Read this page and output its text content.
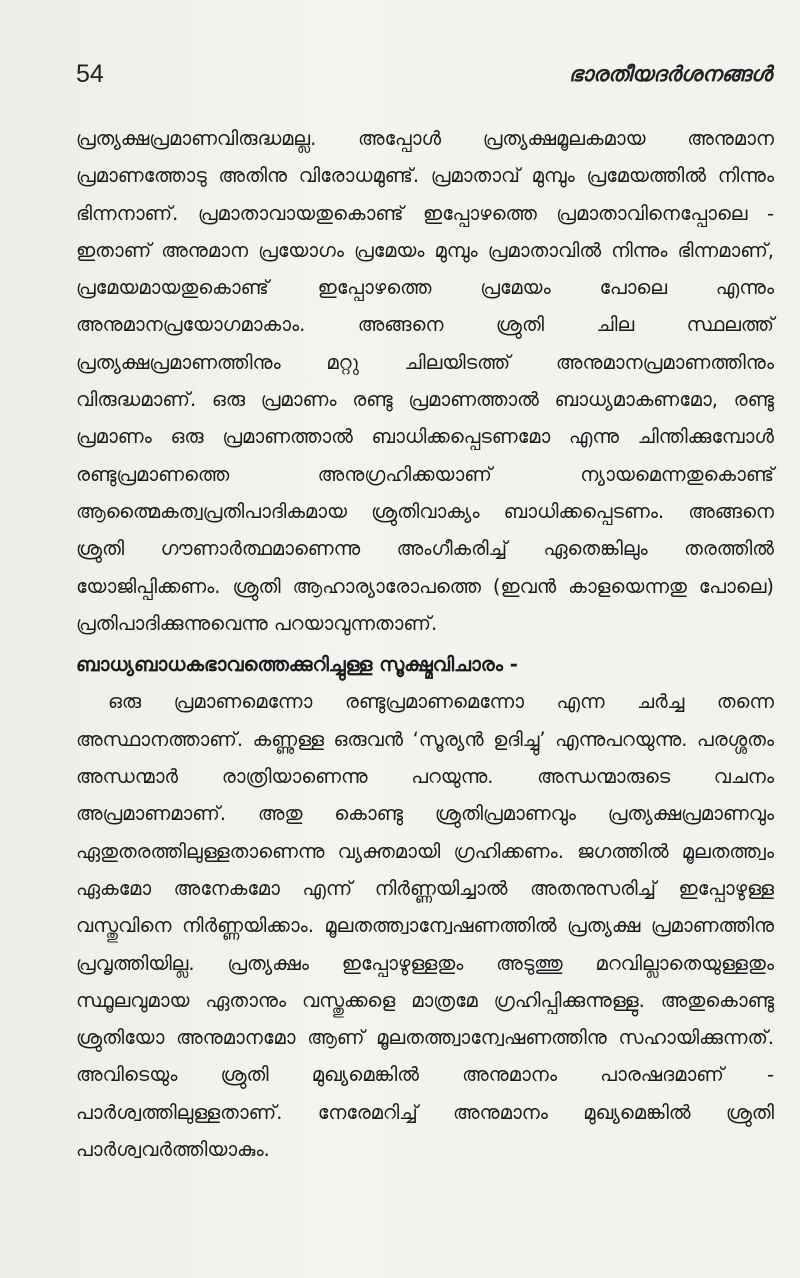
54	ഭാരതീയദർശനങ്ങൾ

പ്രത്യക്ഷപ്രമാണവിരുദ്ധമല്ല. അപ്പോൾ പ്രത്യക്ഷമൂലകമായ അനുമാന പ്രമാണത്തോടു അതിനു വിരോധമുണ്ട്. പ്രമാതാവ് മുമ്പും പ്രമേയത്തിൽ നിന്നും ഭിന്നനാണ്. പ്രമാതാവായതുകൊണ്ട് ഇപ്പോഴത്തെ പ്രമാതാവിനെപ്പോലെ - ഇതാണ് അനുമാന പ്രയോഗം പ്രമേയം മുമ്പും പ്രമാതാവിൽ നിന്നും ഭിന്നമാണ്, പ്രമേയമായതുകൊണ്ട് ഇപ്പോഴത്തെ പ്രമേയം പോലെ എന്നും അനുമാനപ്രയോഗമാകാം. അങ്ങനെ ശ്രുതി ചില സ്ഥലത്ത് പ്രത്യക്ഷപ്രമാണത്തിനും മറ്റു ചിലയിടത്ത് അനുമാനപ്രമാണത്തിനും വിരുദ്ധമാണ്. ഒരു പ്രമാണം രണ്ടു പ്രമാണത്താൽ ബാധ്യമാകണമോ, രണ്ടു പ്രമാണം ഒരു പ്രമാണത്താൽ ബാധിക്കപ്പെടണമോ എന്നു ചിന്തിക്കുമ്പോൾ രണ്ടുപ്രമാണത്തെ അനുഗ്രഹിക്കയാണ് ന്യായമെന്നതുകൊണ്ട് ആത്മൈകത്വപ്രതിപാദികമായ ശ്രുതിവാക്യം ബാധിക്കപ്പെടണം. അങ്ങനെ ശ്രുതി ഗൗണാർത്ഥമാണെന്നു അംഗീകരിച്ച് ഏതെങ്കിലും തരത്തിൽ യോജിപ്പിക്കണം. ശ്രുതി ആഹാര്യാരോപത്തെ (ഇവൻ കാളയെന്നതു പോലെ) പ്രതിപാദിക്കുന്നുവെന്നു പറയാവുന്നതാണ്.

ബാധ്യബാധകഭാവത്തെക്കുറിച്ചുള്ള സൂക്ഷ്മവിചാരം -

ഒരു പ്രമാണമെന്നോ രണ്ടുപ്രമാണമെന്നോ എന്ന ചർച്ച തന്നെ അസ്ഥാനത്താണ്. കണ്ണുള്ള ഒരുവൻ ‘സൂര്യൻ ഉദിച്ചു’ എന്നുപറയുന്നു. പരശ്ശതം അന്ധന്മാർ രാത്രിയാണെന്നു പറയുന്നു. അന്ധന്മാരുടെ വചനം അപ്രമാണമാണ്. അതു കൊണ്ടു ശ്രുതിപ്രമാണവും പ്രത്യക്ഷപ്രമാണവും ഏതുതരത്തിലുള്ളതാണെന്നു വ്യക്തമായി ഗ്രഹിക്കണം. ജഗത്തിൽ മൂലതത്ത്വം ഏകമോ അനേകമോ എന്ന് നിർണ്ണയിച്ചാൽ അതനുസരിച്ച് ഇപ്പോഴുള്ള വസ്തുവിനെ നിർണ്ണയിക്കാം. മൂലതത്ത്വാന്വേഷണത്തിൽ പ്രത്യക്ഷ പ്രമാണത്തിനു പ്രവൃത്തിയില്ല. പ്രത്യക്ഷം ഇപ്പോഴുള്ളതും അടുത്തു മറവില്ലാതെയുള്ളതും സ്ഥൂലവുമായ ഏതാനും വസ്തുക്കളെ മാത്രമേ ഗ്രഹിപ്പിക്കുന്നുള്ളു. അതുകൊണ്ടു ശ്രുതിയോ അനുമാനമോ ആണ് മൂലതത്ത്വാന്വേഷണത്തിനു സഹായിക്കുന്നത്. അവിടെയും ശ്രുതി മുഖ്യമെങ്കിൽ അനുമാനം പാരഷദമാണ് - പാർശ്വത്തിലുള്ളതാണ്. നേരേമറിച്ച് അനുമാനം മുഖ്യമെങ്കിൽ ശ്രുതി പാർശ്വവർത്തിയാകും.
